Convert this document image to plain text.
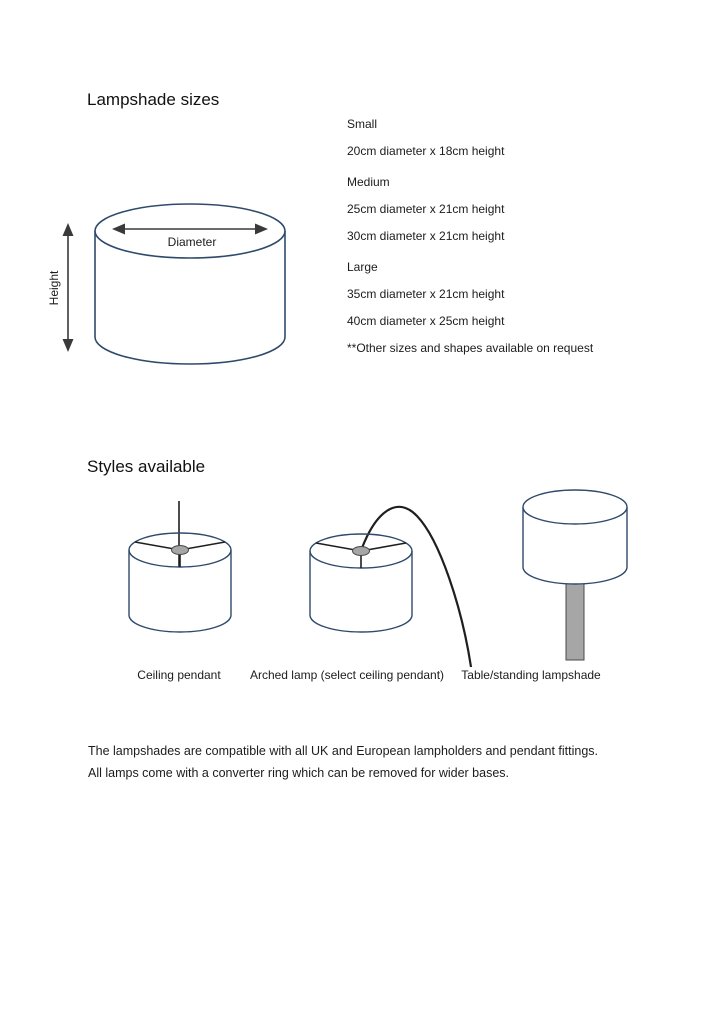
Lampshade sizes
Diameter
Height
Small
20cm diameter x 18cm height
Medium
25cm diameter x 21cm height
30cm diameter x 21cm height
Large
35cm diameter x 21cm height
40cm diameter x 25cm height
**Other sizes and shapes available on request
Styles available
Ceiling pendant	Arched lamp (select ceiling pendant)	Table/standing lampshade
The lampshades are compatible with all UK and European lampholders and pendant fittings.
All lamps come with a converter ring which can be removed for wider bases.
